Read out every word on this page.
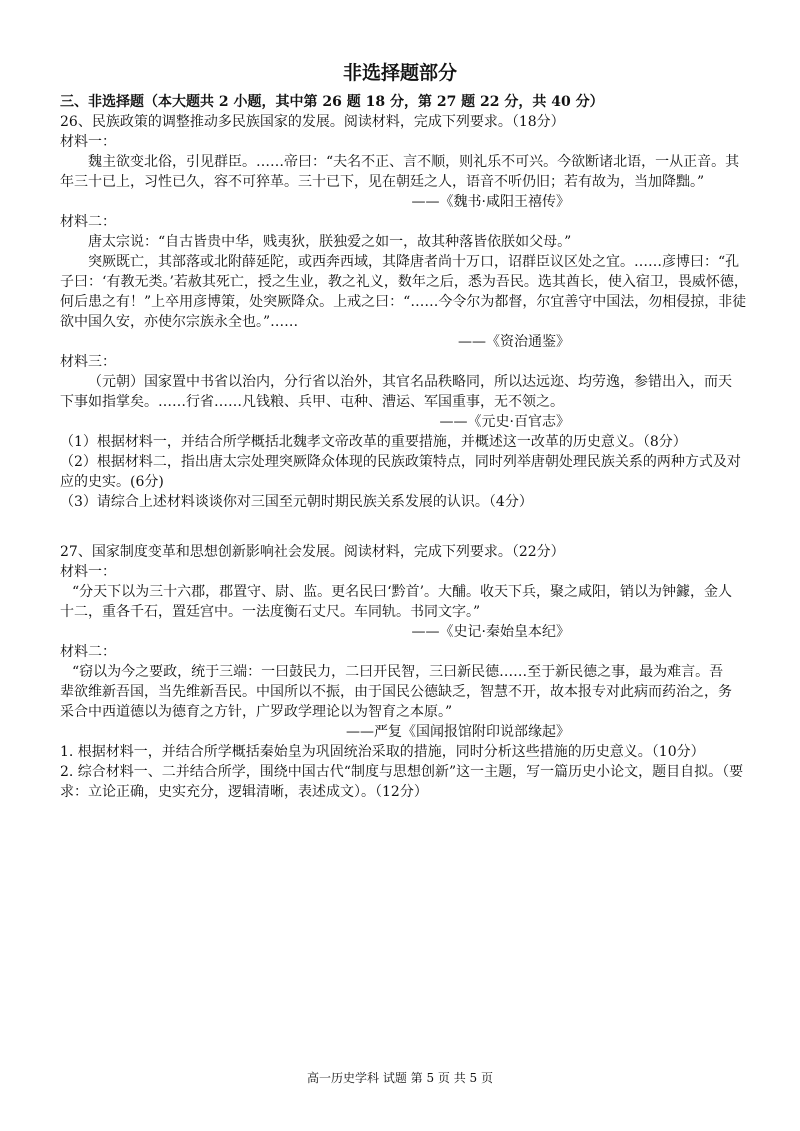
非选择题部分
三、非选择题（本大题共 2 小题，其中第 26 题 18 分，第 27 题 22 分，共 40 分）
26、民族政策的调整推动多民族国家的发展。阅读材料，完成下列要求。（18分）
材料一：
魏主欲变北俗，引见群臣。……帝曰：“夫名不正、言不顺，则礼乐不可兴。今欲断诸北语，一从正音。其
年三十已上，习性已久，容不可猝革。三十已下，见在朝廷之人，语音不听仍旧；若有故为，当加降黜。”
——《魏书·咸阳王禧传》
材料二：
唐太宗说：“自古皆贵中华，贱夷狄，朕独爱之如一，故其种落皆依朕如父母。”
突厥既亡，其部落或北附薛延陀，或西奔西域，其降唐者尚十万口，诏群臣议区处之宜。……彦博曰：“孔
子曰：‘有教无类。’若赦其死亡，授之生业，教之礼义，数年之后，悉为吾民。选其酋长，使入宿卫，畏威怀德，
何后患之有！”上卒用彦博策，处突厥降众。上戒之曰：“……今令尔为都督，尔宜善守中国法，勿相侵掠，非徒
欲中国久安，亦使尔宗族永全也。”……
——《资治通鉴》
材料三：
（元朝）国家置中书省以治内，分行省以治外，其官名品秩略同，所以达远迩、均劳逸，参错出入，而天
下事如指掌矣。……行省……凡钱粮、兵甲、屯种、漕运、军国重事，无不领之。
——《元史·百官志》
（1）根据材料一，并结合所学概括北魏孝文帝改革的重要措施，并概述这一改革的历史意义。（8分）
（2）根据材料二，指出唐太宗处理突厥降众体现的民族政策特点，同时列举唐朝处理民族关系的两种方式及对
应的史实。(6分)
（3）请综合上述材料谈谈你对三国至元朝时期民族关系发展的认识。（4分）
27、国家制度变革和思想创新影响社会发展。阅读材料，完成下列要求。（22分）
材料一：
“分天下以为三十六郡，郡置守、尉、监。更名民曰‘黔首’。大酺。收天下兵，聚之咸阳，销以为钟鐻，金人
十二，重各千石，置廷宫中。一法度衡石丈尺。车同轨。书同文字。”
——《史记·秦始皇本纪》
材料二：
“窃以为今之要政，统于三端：一曰鼓民力，二曰开民智，三曰新民德……至于新民德之事，最为难言。吾
辈欲维新吾国，当先维新吾民。中国所以不振，由于国民公德缺乏，智慧不开，故本报专对此病而药治之，务
采合中西道德以为德育之方针，广罗政学理论以为智育之本原。”
——严复《国闻报馆附印说部缘起》
1. 根据材料一，并结合所学概括秦始皇为巩固统治采取的措施，同时分析这些措施的历史意义。（10分）
2. 综合材料一、二并结合所学，围绕中国古代“制度与思想创新”这一主题，写一篇历史小论文，题目自拟。（要
求：立论正确，史实充分，逻辑清晰，表述成文）。（12分）
高一历史学科 试题 第 5 页 共 5 页
